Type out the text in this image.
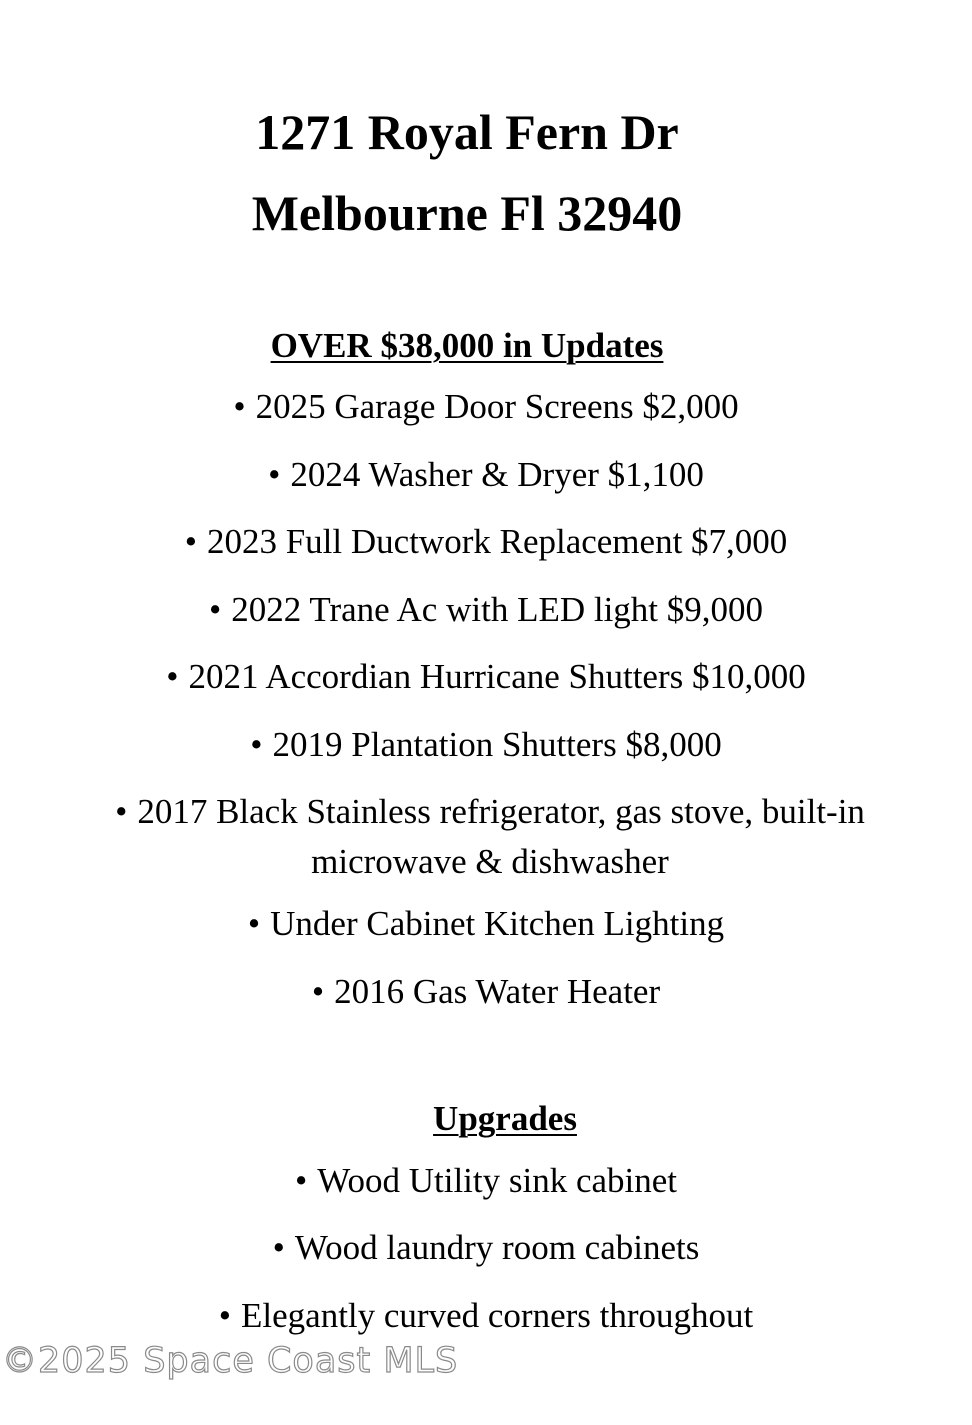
1271 Royal Fern Dr
Melbourne Fl 32940
OVER $38,000 in Updates

• 2025 Garage Door Screens $2,000

• 2024 Washer & Dryer $1,100

• 2023 Full Ductwork Replacement $7,000

• 2022 Trane Ac with LED light $9,000

• 2021 Accordian Hurricane Shutters $10,000

• 2019 Plantation Shutters $8,000

• 2017 Black Stainless refrigerator, gas stove, built-in microwave & dishwasher

• Under Cabinet Kitchen Lighting

• 2016 Gas Water Heater

Upgrades

• Wood Utility sink cabinet

• Wood laundry room cabinets

• Elegantly curved corners throughout

©2025 Space Coast MLS
